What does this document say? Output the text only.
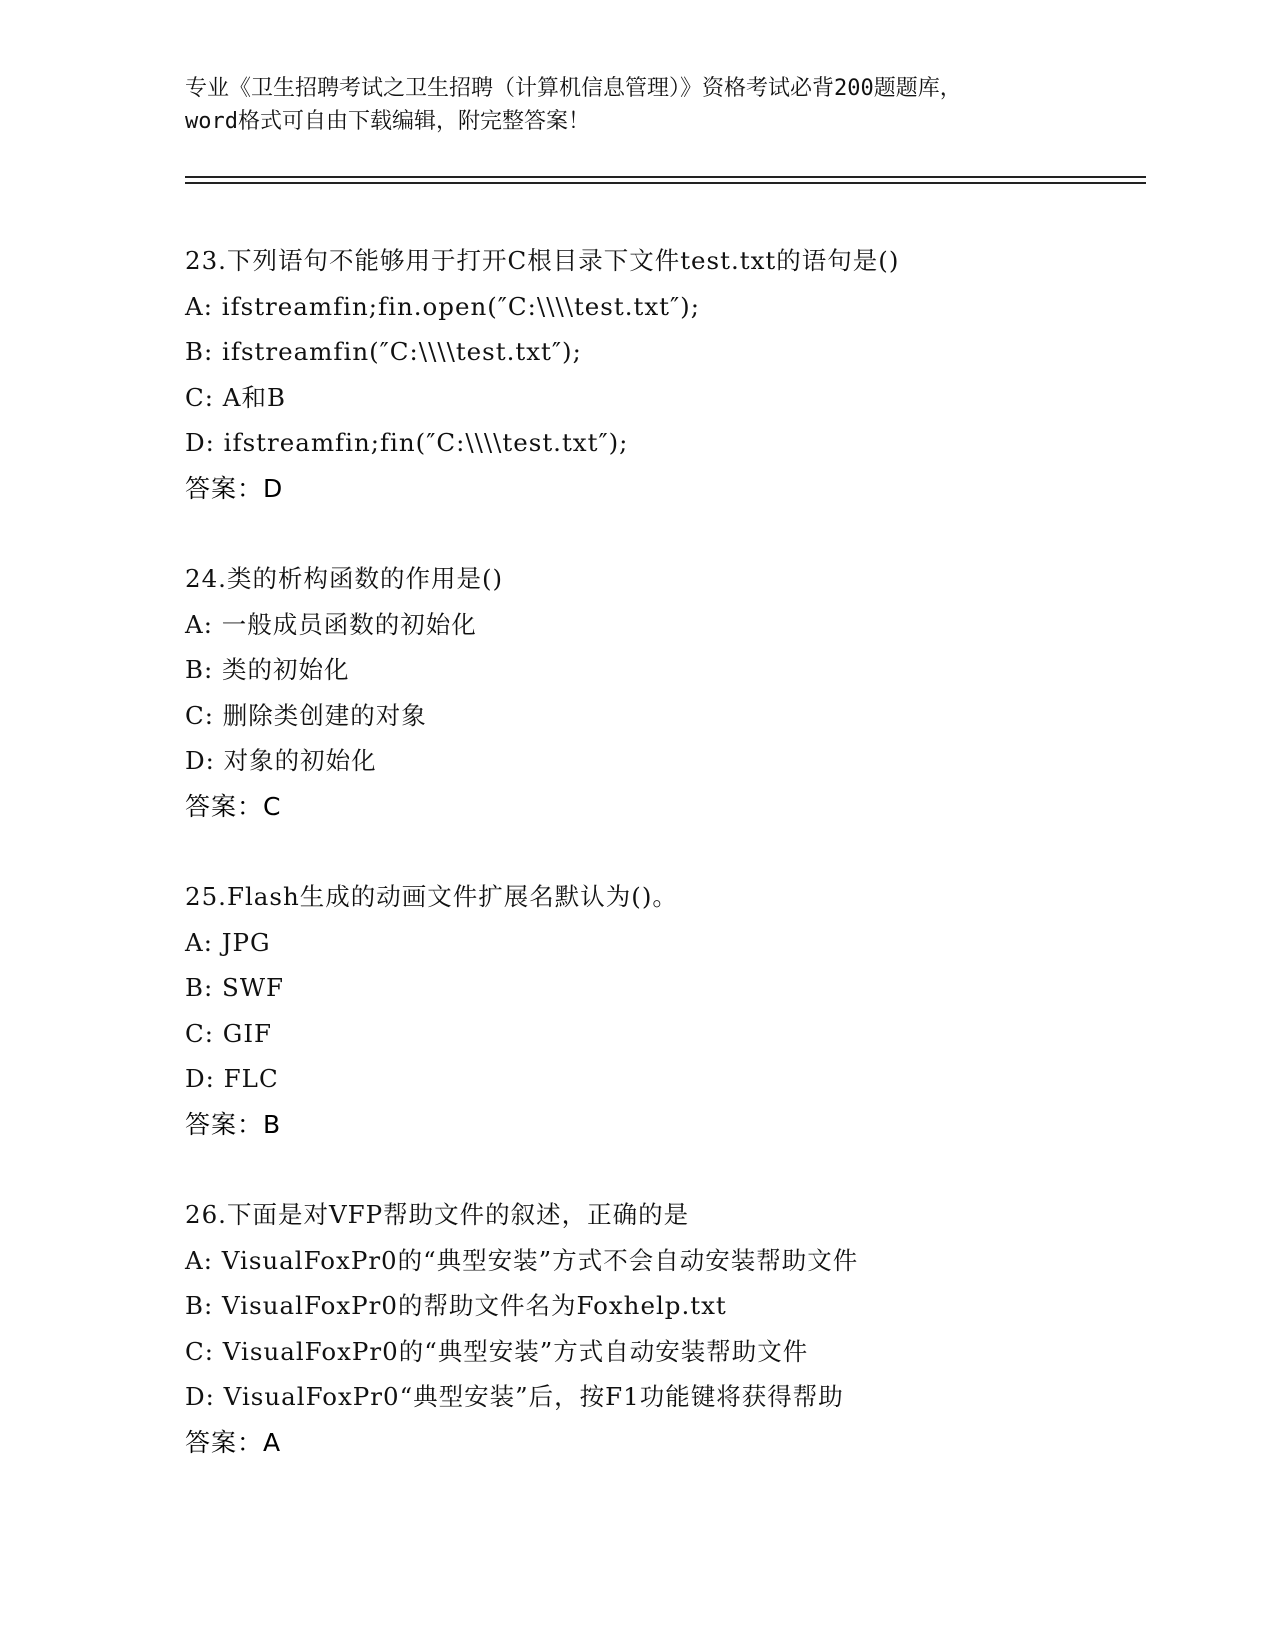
专业《卫生招聘考试之卫生招聘（计算机信息管理）》资格考试必背200题题库，
word格式可自由下载编辑，附完整答案！
23.下列语句不能够用于打开C根目录下文件test.txt的语句是()
A: ifstreamfin;fin.open(″C:\\\\test.txt″);
B: ifstreamfin(″C:\\\\test.txt″);
C: A和B
D: ifstreamfin;fin(″C:\\\\test.txt″);
答案：D
24.类的析构函数的作用是()
A: 一般成员函数的初始化
B: 类的初始化
C: 删除类创建的对象
D: 对象的初始化
答案：C
25.Flash生成的动画文件扩展名默认为()。
A: JPG
B: SWF
C: GIF
D: FLC
答案：B
26.下面是对VFP帮助文件的叙述，正确的是
A: VisualFoxPr0的“典型安装”方式不会自动安装帮助文件
B: VisualFoxPr0的帮助文件名为Foxhelp.txt
C: VisualFoxPr0的“典型安装”方式自动安装帮助文件
D: VisualFoxPr0“典型安装”后，按F1功能键将获得帮助
答案：A
